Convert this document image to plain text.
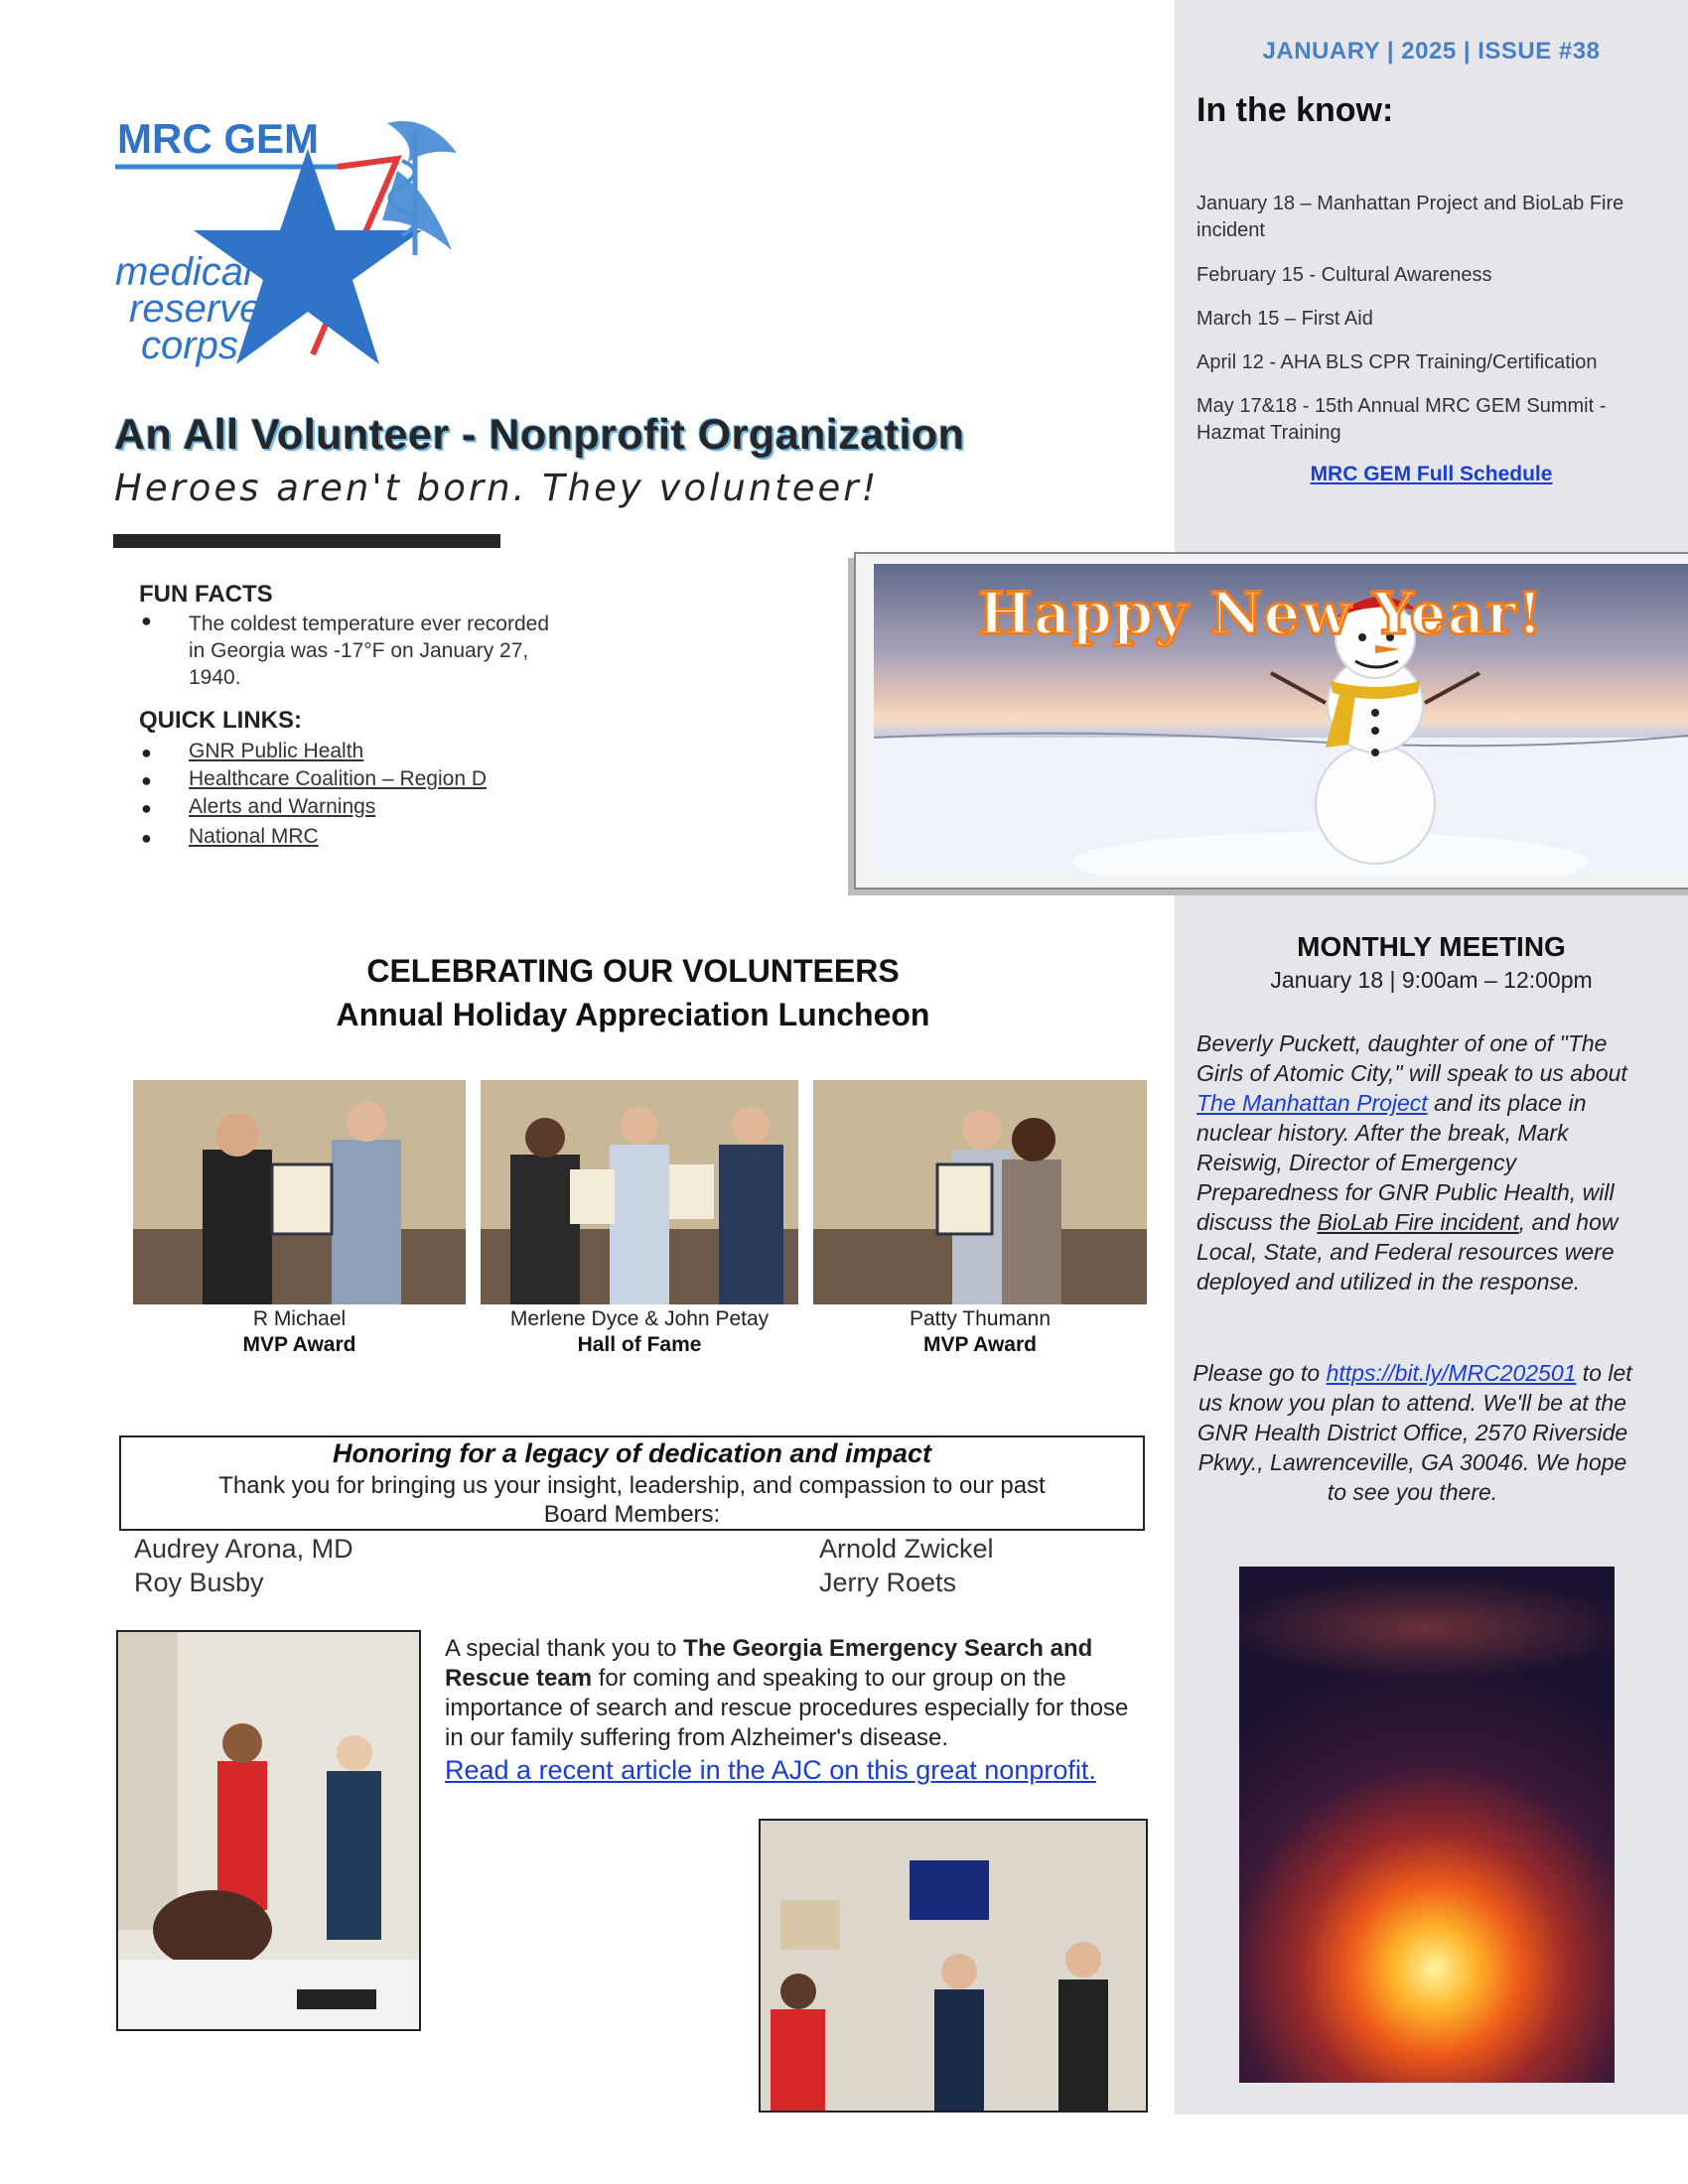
JANUARY | 2025 | ISSUE #38
In the know:
January 18 – Manhattan Project and BioLab Fire incident
February 15 - Cultural Awareness
March 15 – First Aid
April 12 - AHA BLS CPR Training/Certification
May 17&18 - 15th Annual MRC GEM Summit - Hazmat Training
MRC GEM Full Schedule
MRC GEM
medical
reserve
corps
An All Volunteer - Nonprofit Organization
Heroes aren't born. They volunteer!
FUN FACTS
● The coldest temperature ever recorded in Georgia was -17°F on January 27, 1940.
QUICK LINKS:
● GNR Public Health
● Healthcare Coalition – Region D
● Alerts and Warnings
● National MRC
Happy New Year!
MONTHLY MEETING
January 18 | 9:00am – 12:00pm
Beverly Puckett, daughter of one of "The Girls of Atomic City," will speak to us about The Manhattan Project and its place in nuclear history. After the break, Mark Reiswig, Director of Emergency Preparedness for GNR Public Health, will discuss the BioLab Fire incident, and how Local, State, and Federal resources were deployed and utilized in the response.
Please go to https://bit.ly/MRC202501 to let us know you plan to attend. We'll be at the GNR Health District Office, 2570 Riverside Pkwy., Lawrenceville, GA 30046. We hope to see you there.
CELEBRATING OUR VOLUNTEERS
Annual Holiday Appreciation Luncheon
R Michael
MVP Award
Merlene Dyce & John Petay
Hall of Fame
Patty Thumann
MVP Award
Honoring for a legacy of dedication and impact
Thank you for bringing us your insight, leadership, and compassion to our past Board Members:
Audrey Arona, MD
Roy Busby
Arnold Zwickel
Jerry Roets
A special thank you to The Georgia Emergency Search and Rescue team for coming and speaking to our group on the importance of search and rescue procedures especially for those in our family suffering from Alzheimer's disease.
Read a recent article in the AJC on this great nonprofit.
